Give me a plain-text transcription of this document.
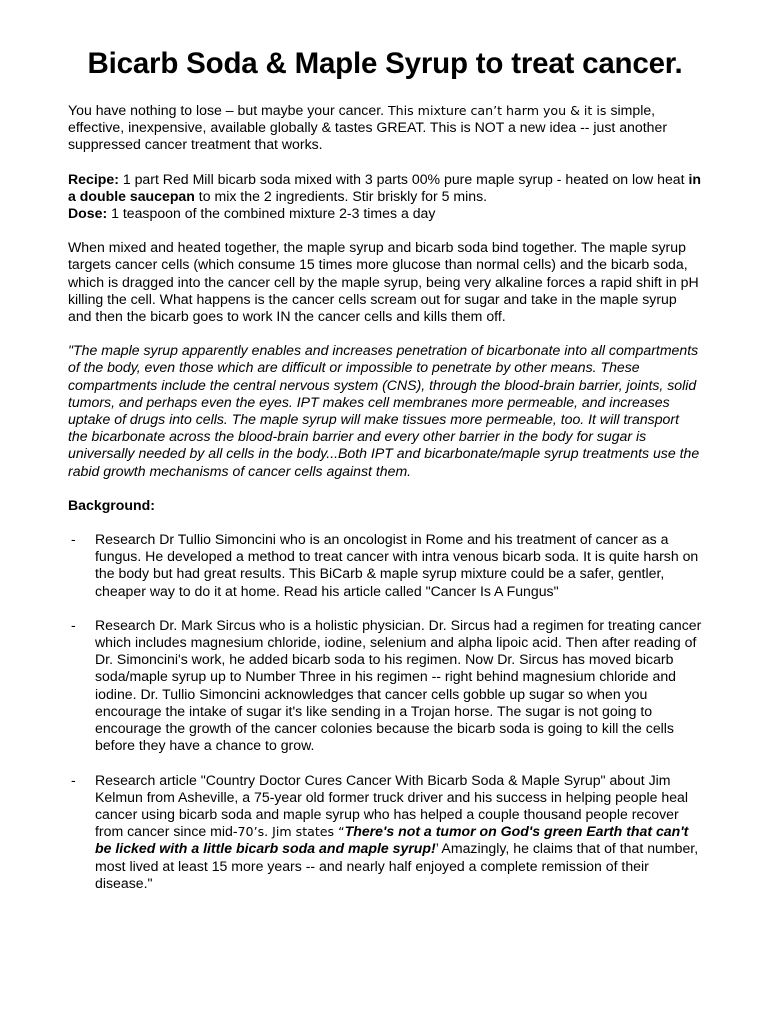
Bicarb Soda & Maple Syrup to treat cancer.

You have nothing to lose – but maybe your cancer. This mixture can’t harm you & it is simple, effective, inexpensive, available globally & tastes GREAT. This is NOT a new idea -- just another suppressed cancer treatment that works.

Recipe: 1 part Red Mill bicarb soda mixed with 3 parts 00% pure maple syrup - heated on low heat in a double saucepan to mix the 2 ingredients. Stir briskly for 5 mins.

Dose: 1 teaspoon of the combined mixture 2-3 times a day

When mixed and heated together, the maple syrup and bicarb soda bind together. The maple syrup targets cancer cells (which consume 15 times more glucose than normal cells) and the bicarb soda, which is dragged into the cancer cell by the maple syrup, being very alkaline forces a rapid shift in pH killing the cell. What happens is the cancer cells scream out for sugar and take in the maple syrup and then the bicarb goes to work IN the cancer cells and kills them off.

"The maple syrup apparently enables and increases penetration of bicarbonate into all compartments of the body, even those which are difficult or impossible to penetrate by other means. These compartments include the central nervous system (CNS), through the blood-brain barrier, joints, solid tumors, and perhaps even the eyes. IPT makes cell membranes more permeable, and increases uptake of drugs into cells. The maple syrup will make tissues more permeable, too. It will transport the bicarbonate across the blood-brain barrier and every other barrier in the body for sugar is universally needed by all cells in the body...Both IPT and bicarbonate/maple syrup treatments use the rabid growth mechanisms of cancer cells against them.

Background:

- Research Dr Tullio Simoncini who is an oncologist in Rome and his treatment of cancer as a fungus. He developed a method to treat cancer with intra venous bicarb soda. It is quite harsh on the body but had great results. This BiCarb & maple syrup mixture could be a safer, gentler, cheaper way to do it at home. Read his article called "Cancer Is A Fungus"
- Research Dr. Mark Sircus who is a holistic physician. Dr. Sircus had a regimen for treating cancer which includes magnesium chloride, iodine, selenium and alpha lipoic acid. Then after reading of Dr. Simoncini's work, he added bicarb soda to his regimen. Now Dr. Sircus has moved bicarb soda/maple syrup up to Number Three in his regimen -- right behind magnesium chloride and iodine. Dr. Tullio Simoncini acknowledges that cancer cells gobble up sugar so when you encourage the intake of sugar it's like sending in a Trojan horse. The sugar is not going to encourage the growth of the cancer colonies because the bicarb soda is going to kill the cells before they have a chance to grow.
- Research article "Country Doctor Cures Cancer With Bicarb Soda & Maple Syrup" about Jim Kelmun from Asheville, a 75-year old former truck driver and his success in helping people heal cancer using bicarb soda and maple syrup who has helped a couple thousand people recover from cancer since mid-70’s. Jim states “There's not a tumor on God's green Earth that can't be licked with a little bicarb soda and maple syrup!’ Amazingly, he claims that of that number, most lived at least 15 more years -- and nearly half enjoyed a complete remission of their disease."
